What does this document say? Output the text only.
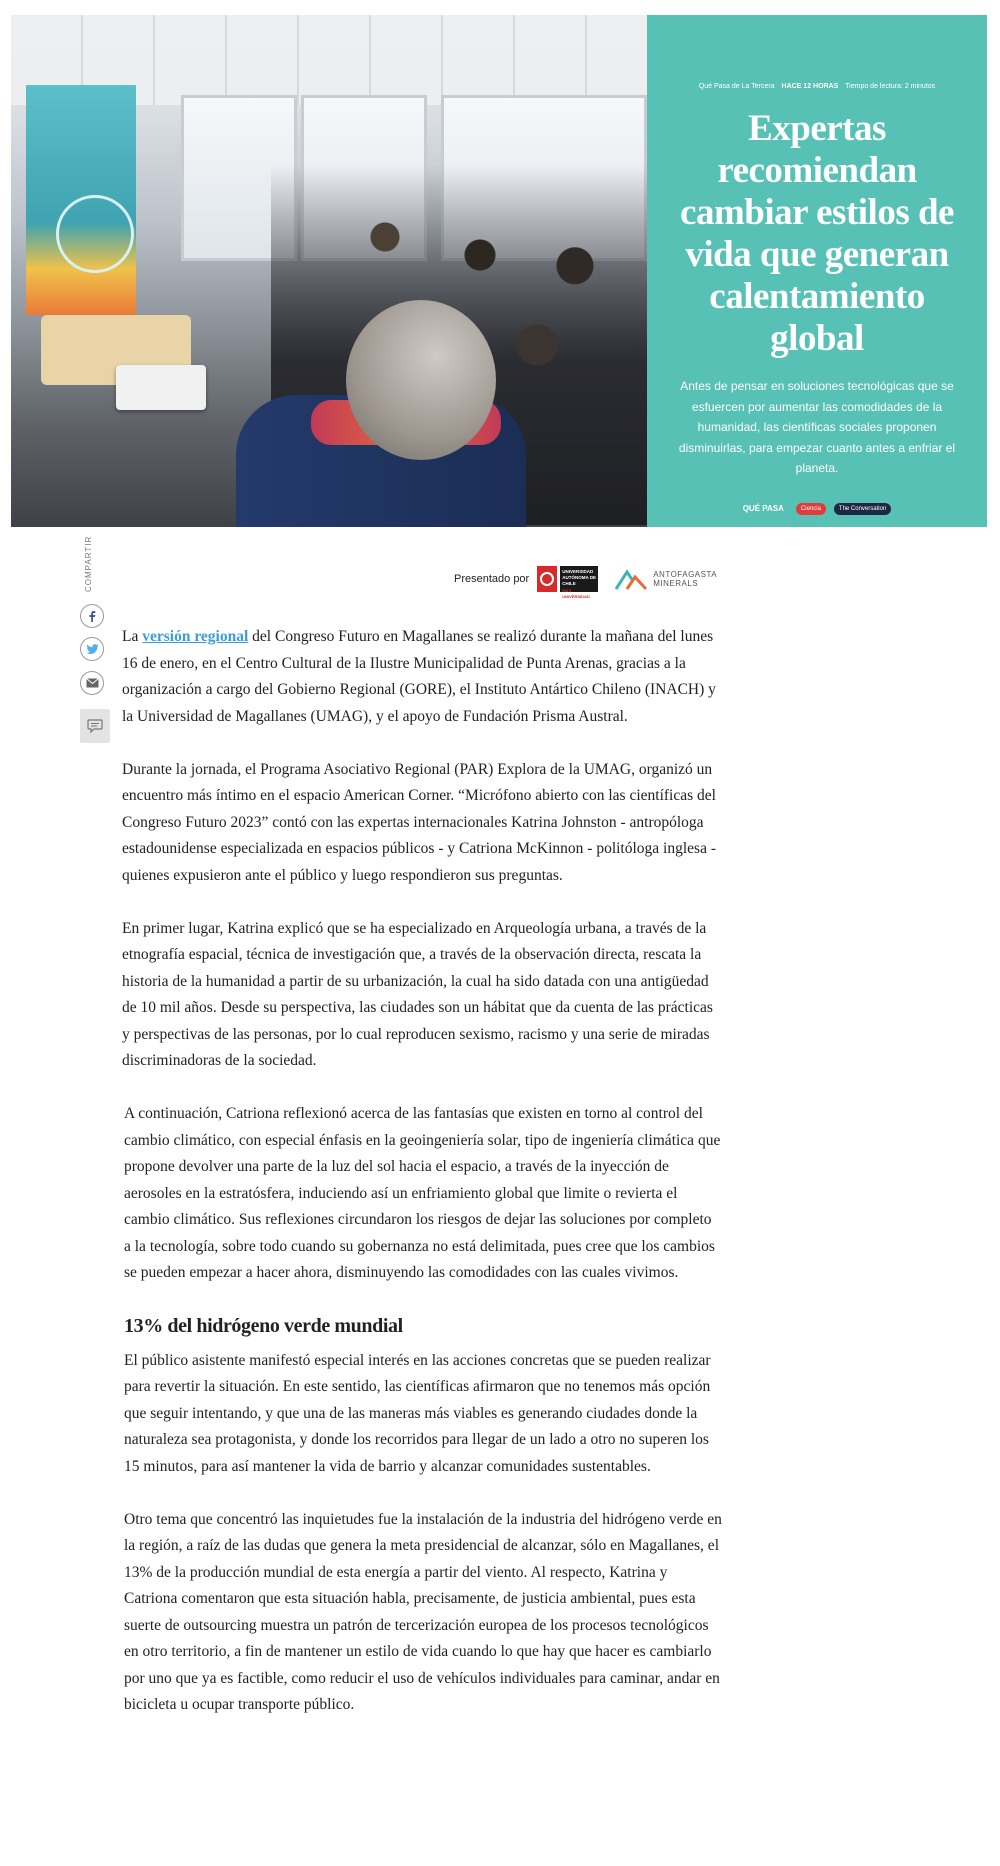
Qué Pasa de La Tercera HACE 12 HORAS Tiempo de lectura: 2 minutos
Expertas recomiendan cambiar estilos de vida que generan calentamiento global
Antes de pensar en soluciones tecnológicas que se esfuercen por aumentar las comodidades de la humanidad, las científicas sociales proponen disminuirlas, para empezar cuanto antes a enfriar el planeta.
QUÉ PASA	Ciencia	The Conversation
COMPARTIR	Presentado por
UNIVERSIDAD AUTÓNOMA DE CHILE
MÁS UNIVERSIDAD
ANTOFAGASTA MINERALS

La versión regional del Congreso Futuro en Magallanes se realizó durante la mañana del lunes 16 de enero, en el Centro Cultural de la Ilustre Municipalidad de Punta Arenas, gracias a la organización a cargo del Gobierno Regional (GORE), el Instituto Antártico Chileno (INACH) y la Universidad de Magallanes (UMAG), y el apoyo de Fundación Prisma Austral.

Durante la jornada, el Programa Asociativo Regional (PAR) Explora de la UMAG, organizó un encuentro más íntimo en el espacio American Corner. “Micrófono abierto con las científicas del Congreso Futuro 2023” contó con las expertas internacionales Katrina Johnston - antropóloga estadounidense especializada en espacios públicos - y Catriona McKinnon - politóloga inglesa - quienes expusieron ante el público y luego respondieron sus preguntas.

En primer lugar, Katrina explicó que se ha especializado en Arqueología urbana, a través de la etnografía espacial, técnica de investigación que, a través de la observación directa, rescata la historia de la humanidad a partir de su urbanización, la cual ha sido datada con una antigüedad de 10 mil años. Desde su perspectiva, las ciudades son un hábitat que da cuenta de las prácticas y perspectivas de las personas, por lo cual reproducen sexismo, racismo y una serie de miradas discriminadoras de la sociedad.

A continuación, Catriona reflexionó acerca de las fantasías que existen en torno al control del cambio climático, con especial énfasis en la geoingeniería solar, tipo de ingeniería climática que propone devolver una parte de la luz del sol hacia el espacio, a través de la inyección de aerosoles en la estratósfera, induciendo así un enfriamiento global que limite o revierta el cambio climático. Sus reflexiones circundaron los riesgos de dejar las soluciones por completo a la tecnología, sobre todo cuando su gobernanza no está delimitada, pues cree que los cambios se pueden empezar a hacer ahora, disminuyendo las comodidades con las cuales vivimos.

13% del hidrógeno verde mundial

El público asistente manifestó especial interés en las acciones concretas que se pueden realizar para revertir la situación. En este sentido, las científicas afirmaron que no tenemos más opción que seguir intentando, y que una de las maneras más viables es generando ciudades donde la naturaleza sea protagonista, y donde los recorridos para llegar de un lado a otro no superen los 15 minutos, para así mantener la vida de barrio y alcanzar comunidades sustentables.

Otro tema que concentró las inquietudes fue la instalación de la industria del hidrógeno verde en la región, a raíz de las dudas que genera la meta presidencial de alcanzar, sólo en Magallanes, el 13% de la producción mundial de esta energía a partir del viento. Al respecto, Katrina y Catriona comentaron que esta situación habla, precisamente, de justicia ambiental, pues esta suerte de outsourcing muestra un patrón de tercerización europea de los procesos tecnológicos en otro territorio, a fin de mantener un estilo de vida cuando lo que hay que hacer es cambiarlo por uno que ya es factible, como reducir el uso de vehículos individuales para caminar, andar en bicicleta u ocupar transporte público.
